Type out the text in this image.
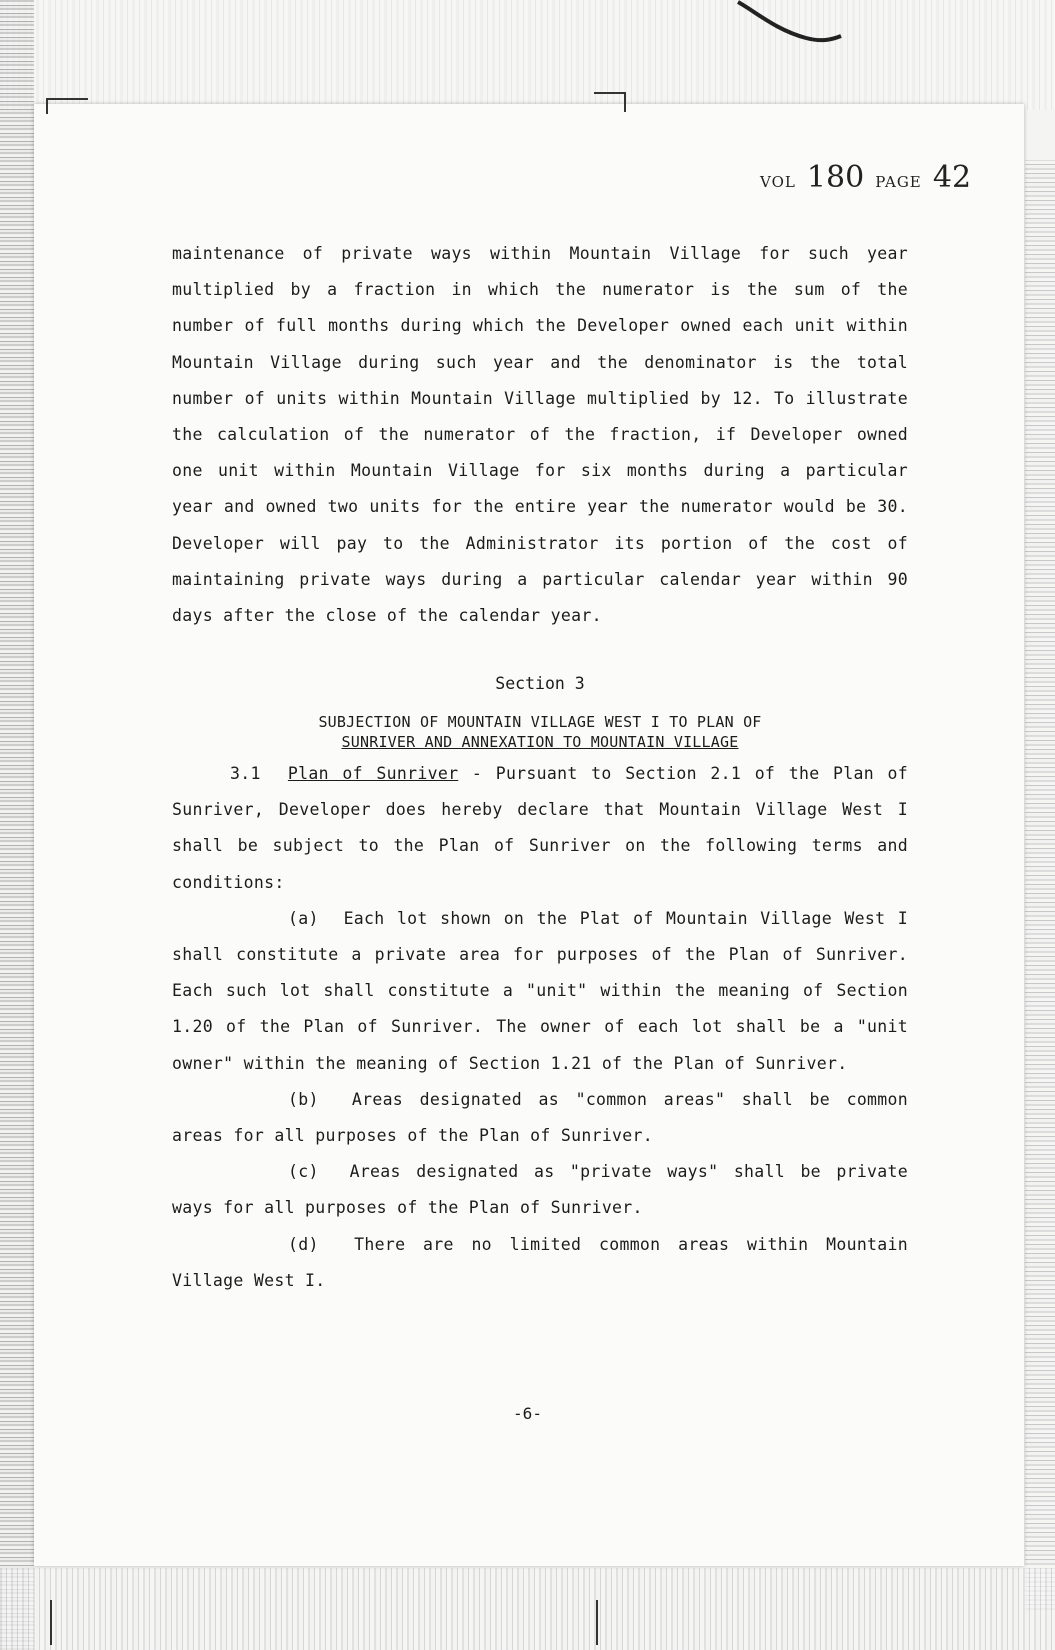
VOL 180 PAGE 42

maintenance of private ways within Mountain Village for such year multiplied by a fraction in which the numerator is the sum of the number of full months during which the Developer owned each unit within Mountain Village during such year and the denominator is the total number of units within Mountain Village multiplied by 12. To illustrate the calculation of the numerator of the fraction, if Developer owned one unit within Mountain Village for six months during a particular year and owned two units for the entire year the numerator would be 30. Developer will pay to the Administrator its portion of the cost of maintaining private ways during a particular calendar year within 90 days after the close of the calendar year.

Section 3
SUBJECTION OF MOUNTAIN VILLAGE WEST I TO PLAN OF
SUNRIVER AND ANNEXATION TO MOUNTAIN VILLAGE

3.1 Plan of Sunriver - Pursuant to Section 2.1 of the Plan of Sunriver, Developer does hereby declare that Mountain Village West I shall be subject to the Plan of Sunriver on the following terms and conditions:

(a) Each lot shown on the Plat of Mountain Village West I shall constitute a private area for purposes of the Plan of Sunriver. Each such lot shall constitute a "unit" within the meaning of Section 1.20 of the Plan of Sunriver. The owner of each lot shall be a "unit owner" within the meaning of Section 1.21 of the Plan of Sunriver.

(b) Areas designated as "common areas" shall be common areas for all purposes of the Plan of Sunriver.

(c) Areas designated as "private ways" shall be private ways for all purposes of the Plan of Sunriver.

(d) There are no limited common areas within Mountain Village West I.

-6-
